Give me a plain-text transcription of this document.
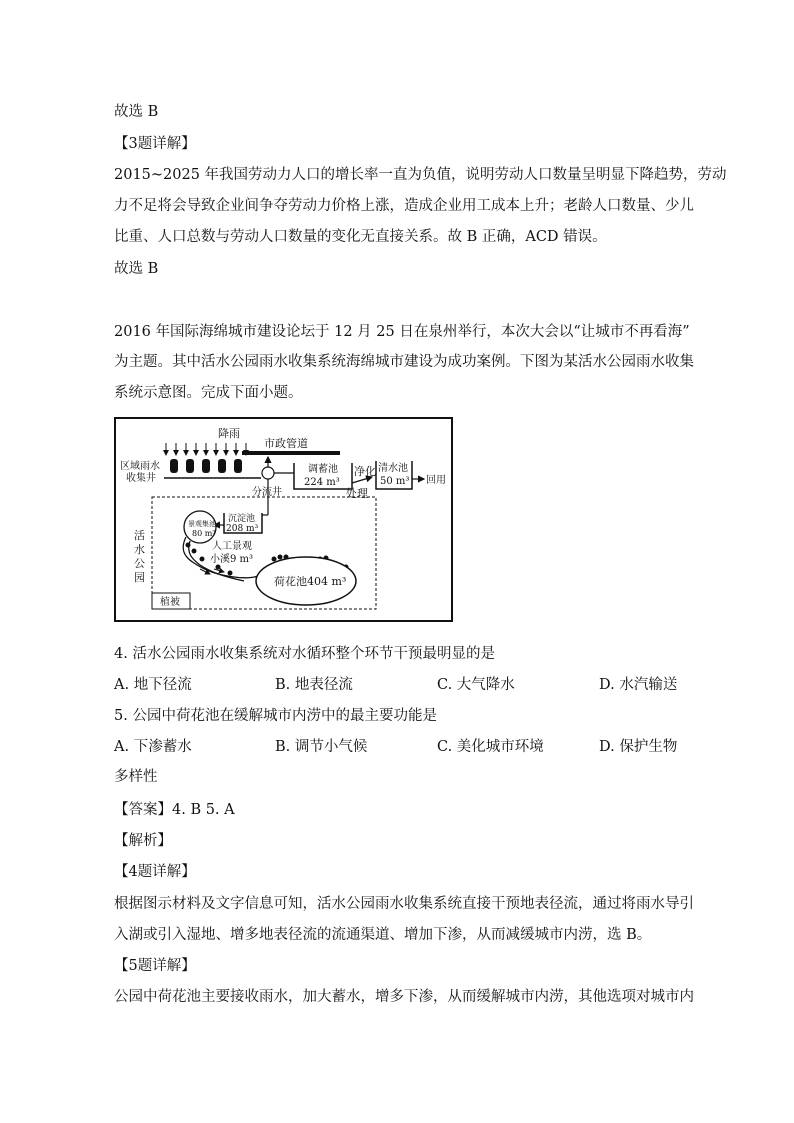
故选 B
【3题详解】
2015~2025 年我国劳动力人口的增长率一直为负值，说明劳动人口数量呈明显下降趋势，劳动
力不足将会导致企业间争夺劳动力价格上涨，造成企业用工成本上升；老龄人口数量、少儿
比重、人口总数与劳动人口数量的变化无直接关系。故 B 正确，ACD 错误。
故选 B
2016 年国际海绵城市建设论坛于 12 月 25 日在泉州举行，本次大会以“让城市不再看海”
为主题。其中活水公园雨水收集系统海绵城市建设为成功案例。下图为某活水公园雨水收集
系统示意图。完成下面小题。
降雨
区域雨水
收集井
市政管道
分流井
调蓄池
224 m³
净化
处理
清水池
50 m³ 回用
活
水
公
园
沉淀池
208 m³
景观集池
80 m³
人工景观
小溪9 m³
荷花池404 m³
植被
4. 活水公园雨水收集系统对水循环整个环节干预最明显的是
A. 地下径流	B. 地表径流	C. 大气降水	D. 水汽输送
5. 公园中荷花池在缓解城市内涝中的最主要功能是
A. 下渗蓄水	B. 调节小气候	C. 美化城市环境	D. 保护生物
多样性
【答案】4. B 5. A
【解析】
【4题详解】
根据图示材料及文字信息可知，活水公园雨水收集系统直接干预地表径流，通过将雨水导引
入湖或引入湿地、增多地表径流的流通渠道、增加下渗，从而减缓城市内涝，选 B。
【5题详解】
公园中荷花池主要接收雨水，加大蓄水，增多下渗，从而缓解城市内涝，其他选项对城市内
